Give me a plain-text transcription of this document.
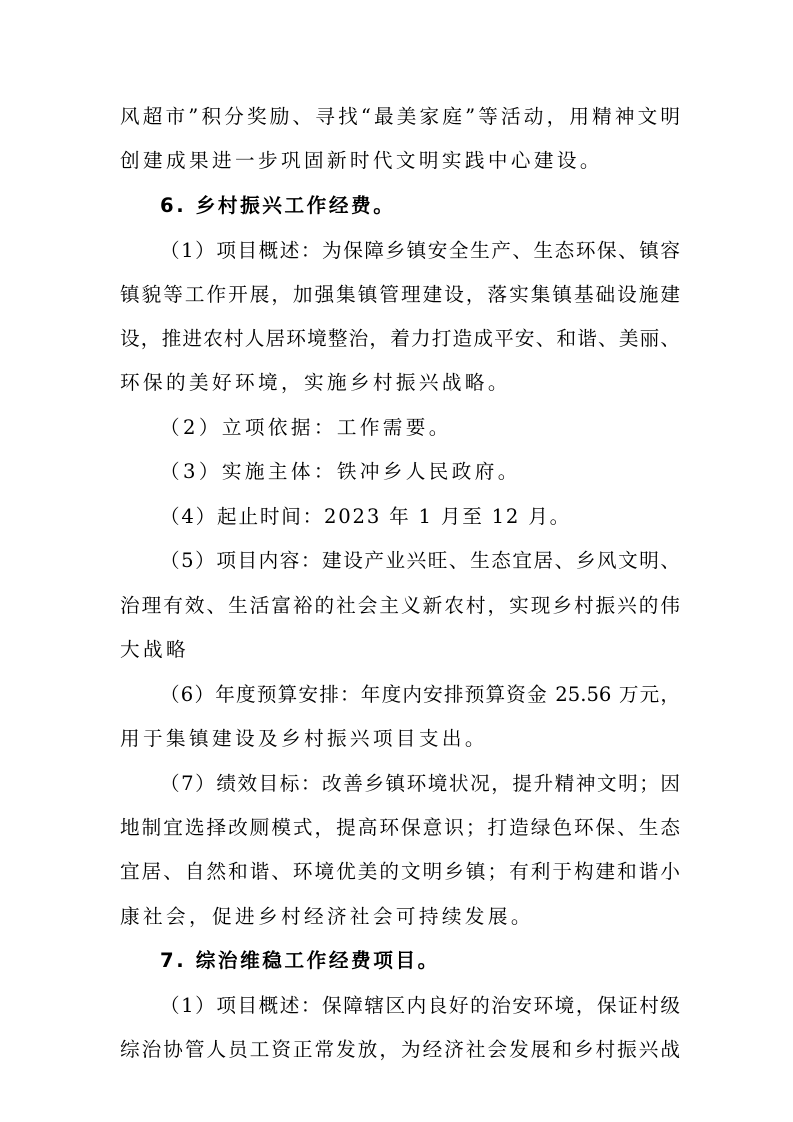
风超市”积分奖励、寻找“最美家庭”等活动，用精神文明
创建成果进一步巩固新时代文明实践中心建设。
6. 乡村振兴工作经费。
（1）项目概述：为保障乡镇安全生产、生态环保、镇容
镇貌等工作开展，加强集镇管理建设，落实集镇基础设施建
设，推进农村人居环境整治，着力打造成平安、和谐、美丽、
环保的美好环境，实施乡村振兴战略。
（2）立项依据：工作需要。
（3）实施主体：铁冲乡人民政府。
（4）起止时间：2023 年 1 月至 12 月。
（5）项目内容：建设产业兴旺、生态宜居、乡风文明、
治理有效、生活富裕的社会主义新农村，实现乡村振兴的伟
大战略
（6）年度预算安排：年度内安排预算资金 25.56 万元，
用于集镇建设及乡村振兴项目支出。
（7）绩效目标：改善乡镇环境状况，提升精神文明；因
地制宜选择改厕模式，提高环保意识；打造绿色环保、生态
宜居、自然和谐、环境优美的文明乡镇；有利于构建和谐小
康社会，促进乡村经济社会可持续发展。
7. 综治维稳工作经费项目。
（1）项目概述：保障辖区内良好的治安环境，保证村级
综治协管人员工资正常发放，为经济社会发展和乡村振兴战
